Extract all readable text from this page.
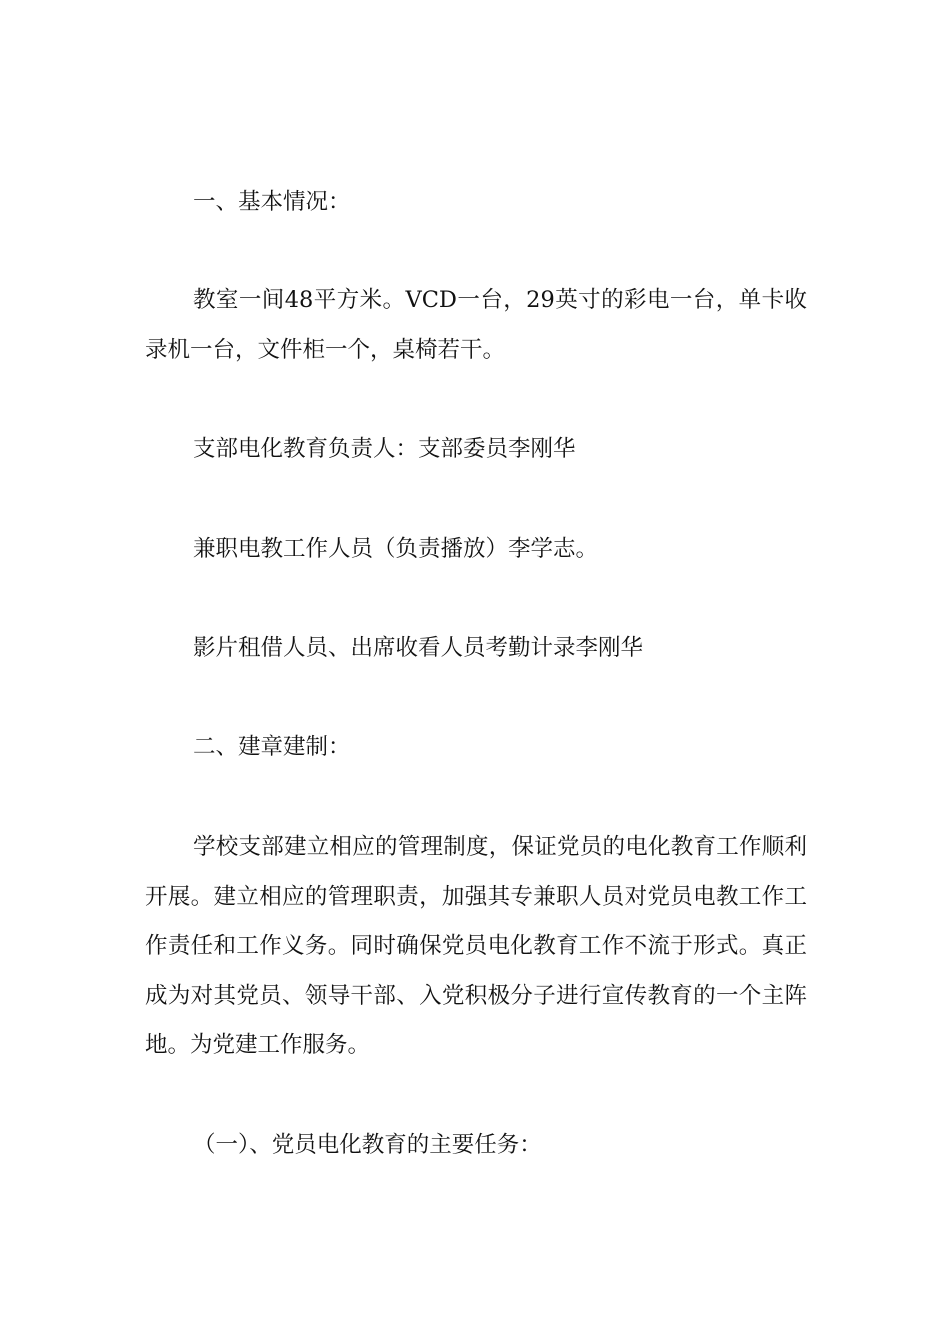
一、基本情况：

教室一间48平方米。VCD一台，29英寸的彩电一台，单卡收录机一台，文件柜一个，桌椅若干。

支部电化教育负责人：支部委员李刚华

兼职电教工作人员（负责播放）李学志。

影片租借人员、出席收看人员考勤计录李刚华

二、建章建制：

学校支部建立相应的管理制度，保证党员的电化教育工作顺利开展。建立相应的管理职责，加强其专兼职人员对党员电教工作工作责任和工作义务。同时确保党员电化教育工作不流于形式。真正成为对其党员、领导干部、入党积极分子进行宣传教育的一个主阵地。为党建工作服务。

（一）、党员电化教育的主要任务：
